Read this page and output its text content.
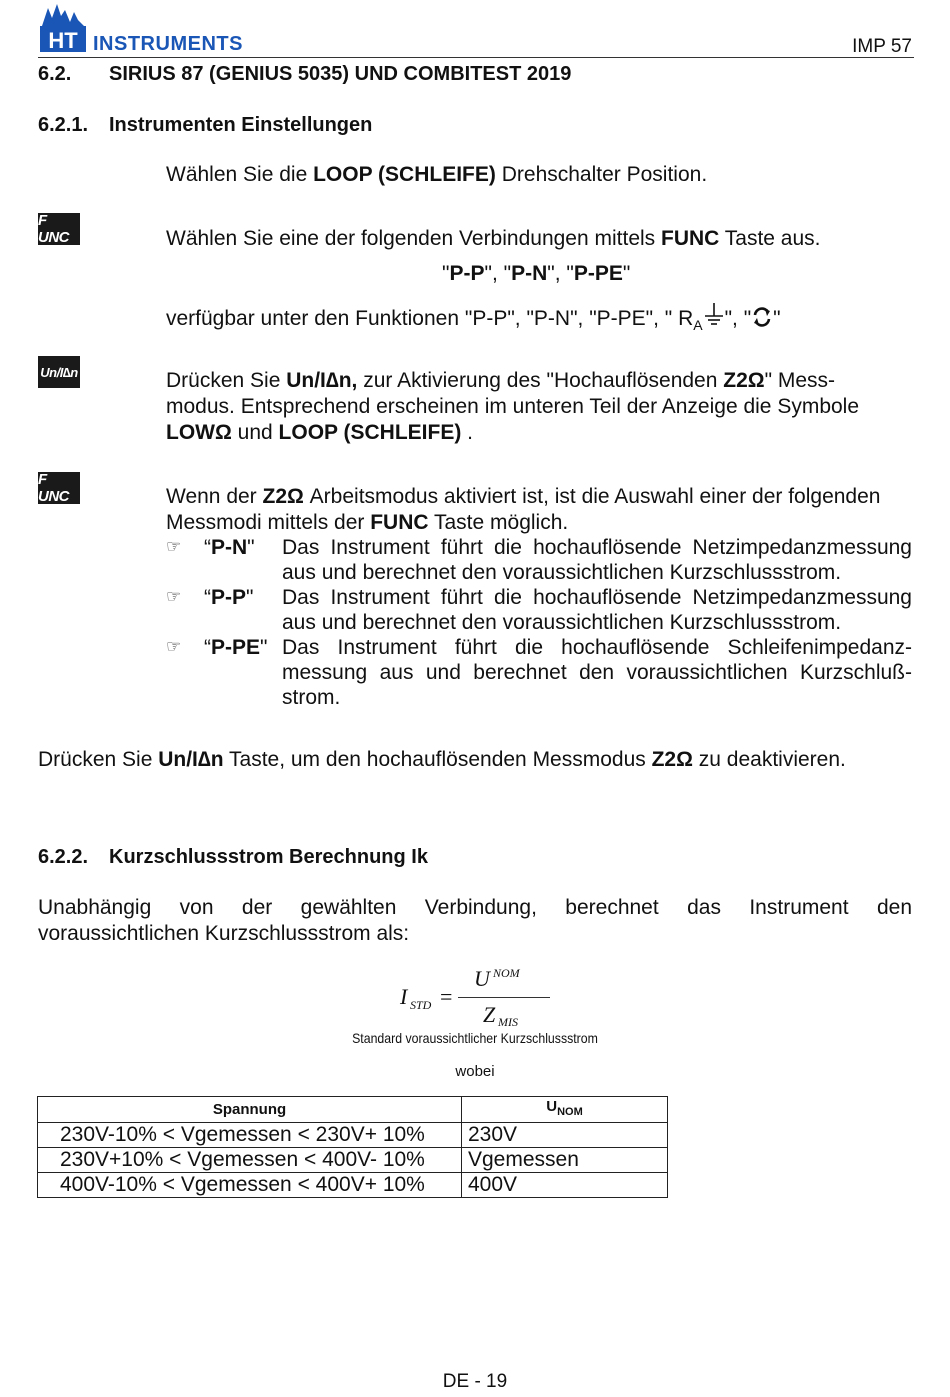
HT INSTRUMENTS	IMP 57
6.2. SIRIUS 87 (GENIUS 5035) UND COMBITEST 2019
6.2.1. Instrumenten Einstellungen
Wählen Sie die LOOP (SCHLEIFE) Drehschalter Position.
F UNC	Wählen Sie eine der folgenden Verbindungen mittels FUNC Taste aus.
"P-P", "P-N", "P-PE"
verfügbar unter den Funktionen "P-P", "P-N", "P-PE", " $R_A$ ", " "
Un/I∆n	Drücken Sie Un/I∆n, zur Aktivierung des "Hochauflösenden Z2Ω" Mess-
modus. Entsprechend erscheinen im unteren Teil der Anzeige die Symbole
LOWΩ und LOOP (SCHLEIFE) .
F UNC	Wenn der Z2Ω Arbeitsmodus aktiviert ist, ist die Auswahl einer der folgenden
Messmodi mittels der FUNC Taste möglich.
☞ “P-N" Das Instrument führt die hochauflösende Netzimpedanzmessung
aus und berechnet den voraussichtlichen Kurzschlussstrom.
☞ “P-P" Das Instrument führt die hochauflösende Netzimpedanzmessung
aus und berechnet den voraussichtlichen Kurzschlussstrom.
☞ “P-PE" Das Instrument führt die hochauflösende Schleifenimpedanz-
messung aus und berechnet den voraussichtlichen Kurzschluß-
strom.
Drücken Sie Un/I∆n Taste, um den hochauflösenden Messmodus Z2Ω zu deaktivieren.
6.2.2. Kurzschlussstrom Berechnung Ik
Unabhängig von der gewählten Verbindung, berechnet das Instrument den
voraussichtlichen Kurzschlussstrom als:
I STD =
U NOM
Z MIS
Standard voraussichtlicher Kurzschlussstrom
wobei
Spannung	$U_{NOM}$
230V-10% < Vgemessen < 230V+ 10%	230V
230V+10% < Vgemessen < 400V- 10%	Vgemessen
400V-10% < Vgemessen < 400V+ 10%	400V
DE - 19
